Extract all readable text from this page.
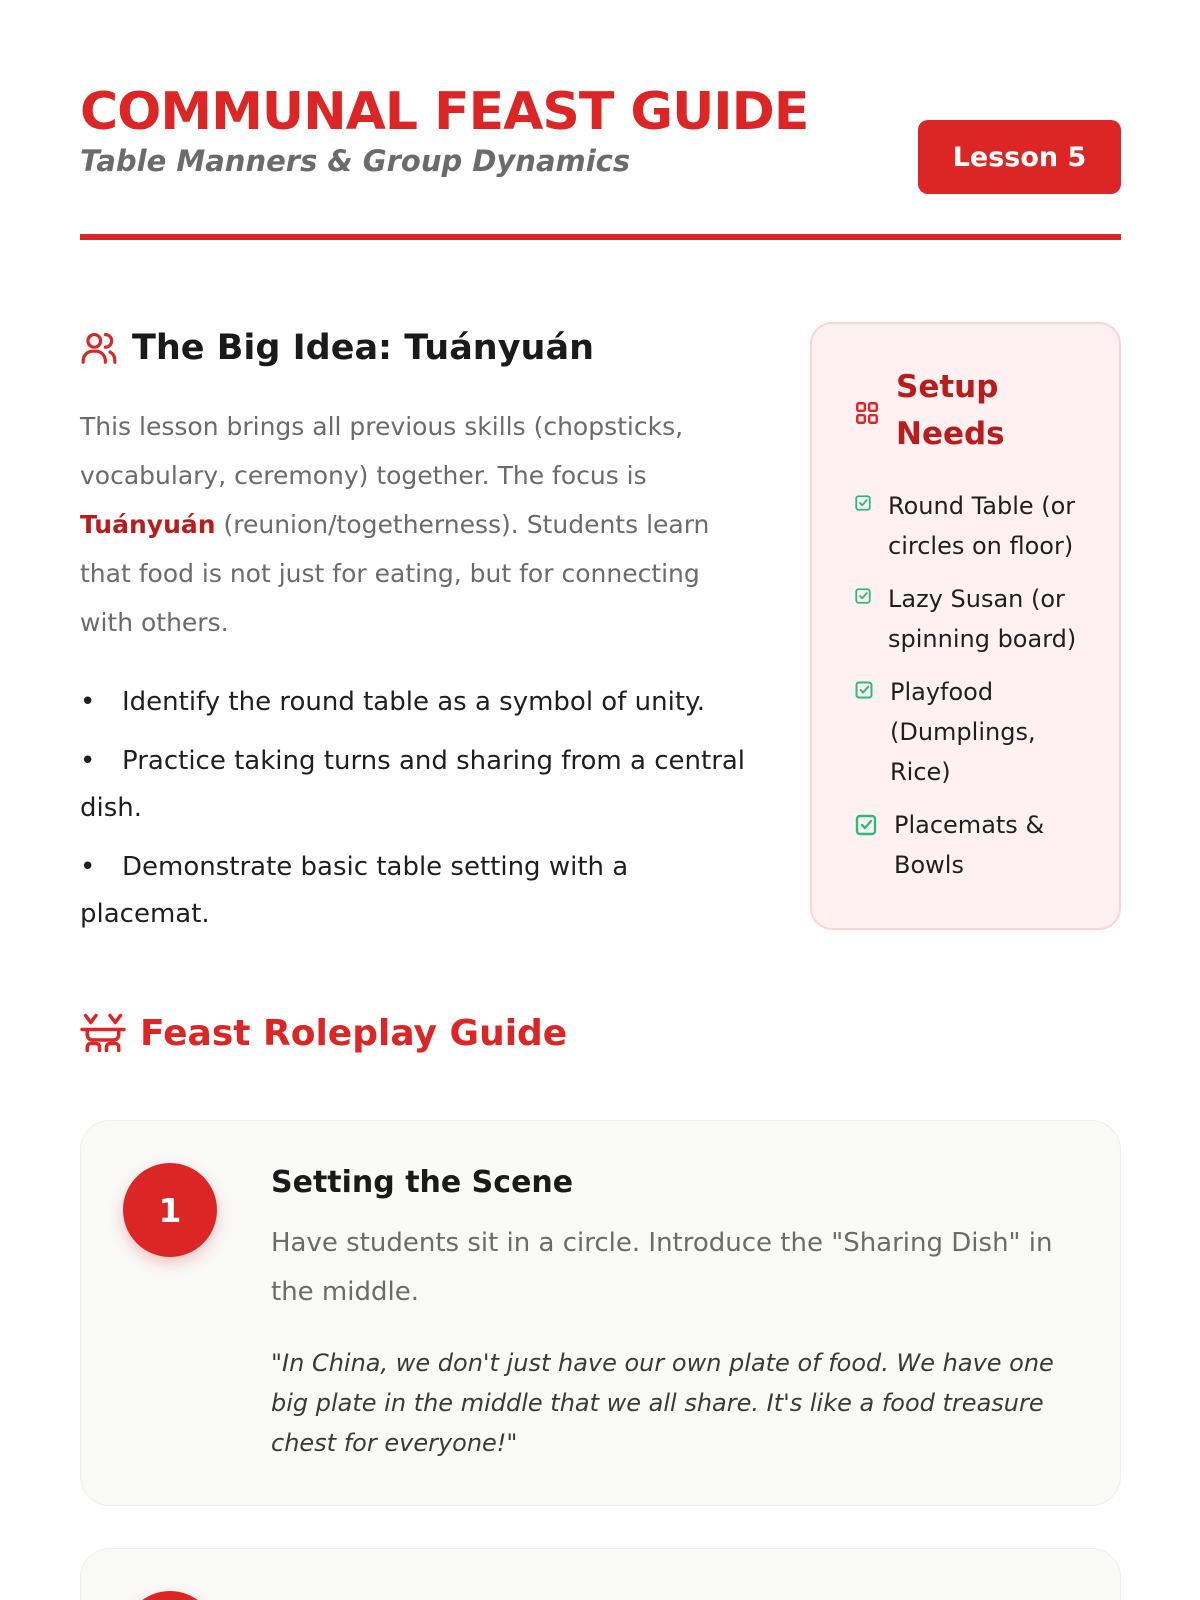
COMMUNAL FEAST GUIDE
Table Manners & Group Dynamics	Lesson 5
The Big Idea: Tuányuán

This lesson brings all previous skills (chopsticks, vocabulary, ceremony) together. The focus is Tuányuán (reunion/togetherness). Students learn that food is not just for eating, but for connecting with others.

• Identify the round table as a symbol of unity.
• Practice taking turns and sharing from a central dish.
• Demonstrate basic table setting with a placemat.
Setup Needs
Round Table (or circles on floor)
Lazy Susan (or spinning board)
Playfood (Dumplings, Rice)
Placemats & Bowls
Feast Roleplay Guide
1
Setting the Scene

Have students sit in a circle. Introduce the "Sharing Dish" in the middle.

"In China, we don't just have our own plate of food. We have one big plate in the middle that we all share. It's like a food treasure chest for everyone!"
